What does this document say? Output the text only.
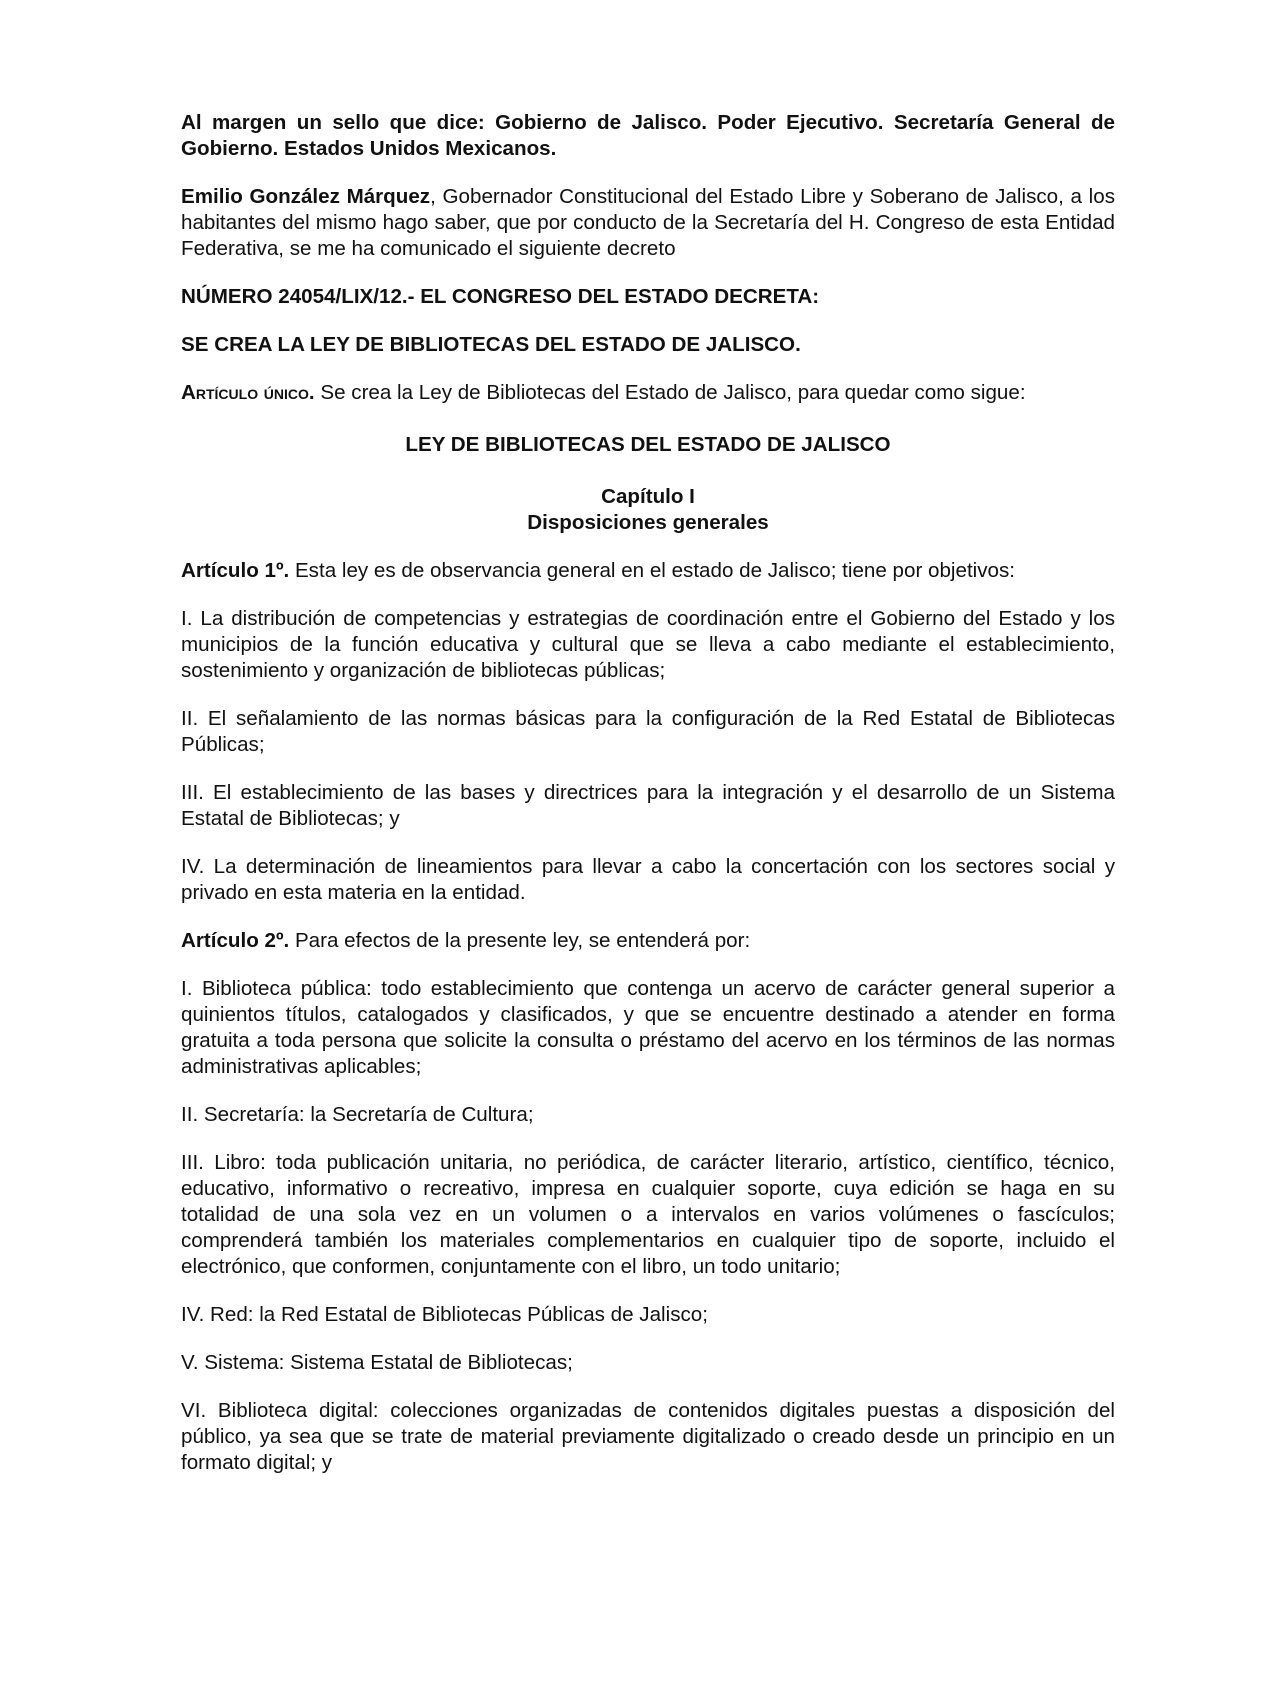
Al margen un sello que dice: Gobierno de Jalisco. Poder Ejecutivo. Secretaría General de Gobierno. Estados Unidos Mexicanos.

Emilio González Márquez, Gobernador Constitucional del Estado Libre y Soberano de Jalisco, a los habitantes del mismo hago saber, que por conducto de la Secretaría del H. Congreso de esta Entidad Federativa, se me ha comunicado el siguiente decreto

NÚMERO 24054/LIX/12.- EL CONGRESO DEL ESTADO DECRETA:

SE CREA LA LEY DE BIBLIOTECAS DEL ESTADO DE JALISCO.

Artículo único. Se crea la Ley de Bibliotecas del Estado de Jalisco, para quedar como sigue:

LEY DE BIBLIOTECAS DEL ESTADO DE JALISCO

Capítulo I
Disposiciones generales

Artículo 1º. Esta ley es de observancia general en el estado de Jalisco; tiene por objetivos:

I. La distribución de competencias y estrategias de coordinación entre el Gobierno del Estado y los municipios de la función educativa y cultural que se lleva a cabo mediante el establecimiento, sostenimiento y organización de bibliotecas públicas;

II. El señalamiento de las normas básicas para la configuración de la Red Estatal de Bibliotecas Públicas;

III. El establecimiento de las bases y directrices para la integración y el desarrollo de un Sistema Estatal de Bibliotecas; y

IV. La determinación de lineamientos para llevar a cabo la concertación con los sectores social y privado en esta materia en la entidad.

Artículo 2º. Para efectos de la presente ley, se entenderá por:

I. Biblioteca pública: todo establecimiento que contenga un acervo de carácter general superior a quinientos títulos, catalogados y clasificados, y que se encuentre destinado a atender en forma gratuita a toda persona que solicite la consulta o préstamo del acervo en los términos de las normas administrativas aplicables;

II. Secretaría: la Secretaría de Cultura;

III. Libro: toda publicación unitaria, no periódica, de carácter literario, artístico, científico, técnico, educativo, informativo o recreativo, impresa en cualquier soporte, cuya edición se haga en su totalidad de una sola vez en un volumen o a intervalos en varios volúmenes o fascículos; comprenderá también los materiales complementarios en cualquier tipo de soporte, incluido el electrónico, que conformen, conjuntamente con el libro, un todo unitario;

IV. Red: la Red Estatal de Bibliotecas Públicas de Jalisco;

V. Sistema: Sistema Estatal de Bibliotecas;

VI. Biblioteca digital: colecciones organizadas de contenidos digitales puestas a disposición del público, ya sea que se trate de material previamente digitalizado o creado desde un principio en un formato digital; y
